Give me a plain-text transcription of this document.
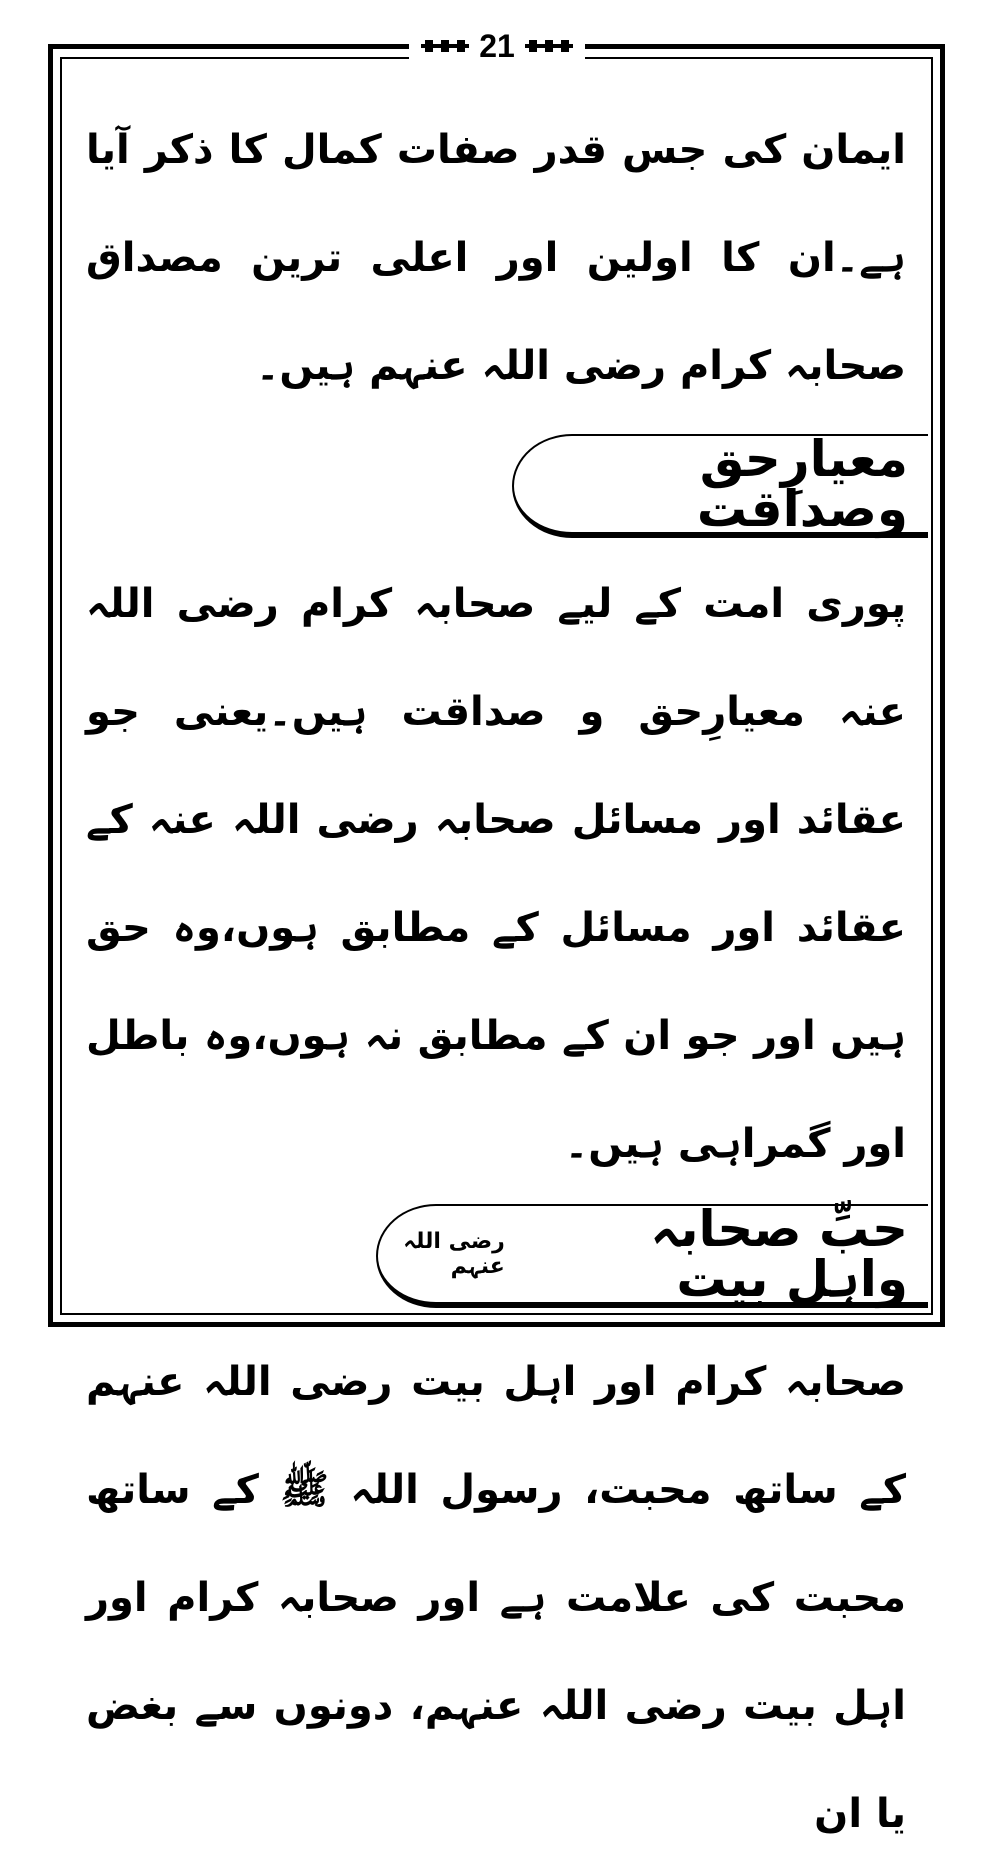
21

ایمان کی جس قدر صفات کمال کا ذکر آیا ہے۔ان کا اولین اور اعلی ترین مصداق صحابہ کرام رضی اللہ عنہم ہیں۔

معیارِحق وصداقت

پوری امت کے لیے صحابہ کرام رضی اللہ عنہ معیارِحق و صداقت ہیں۔یعنی جو عقائد اور مسائل صحابہ رضی اللہ عنہ کے عقائد اور مسائل کے مطابق ہوں،وہ حق ہیں اور جو ان کے مطابق نہ ہوں،وہ باطل اور گمراہی ہیں۔

حبِّ صحابہ واہل بیت
رضی اللہ عنہم

صحابہ کرام اور اہل بیت رضی اللہ عنہم کے ساتھ محبت، رسول اللہ ﷺ کے ساتھ محبت کی علامت ہے اور صحابہ کرام اور اہل بیت رضی اللہ عنہم، دونوں سے بغض یا ان
